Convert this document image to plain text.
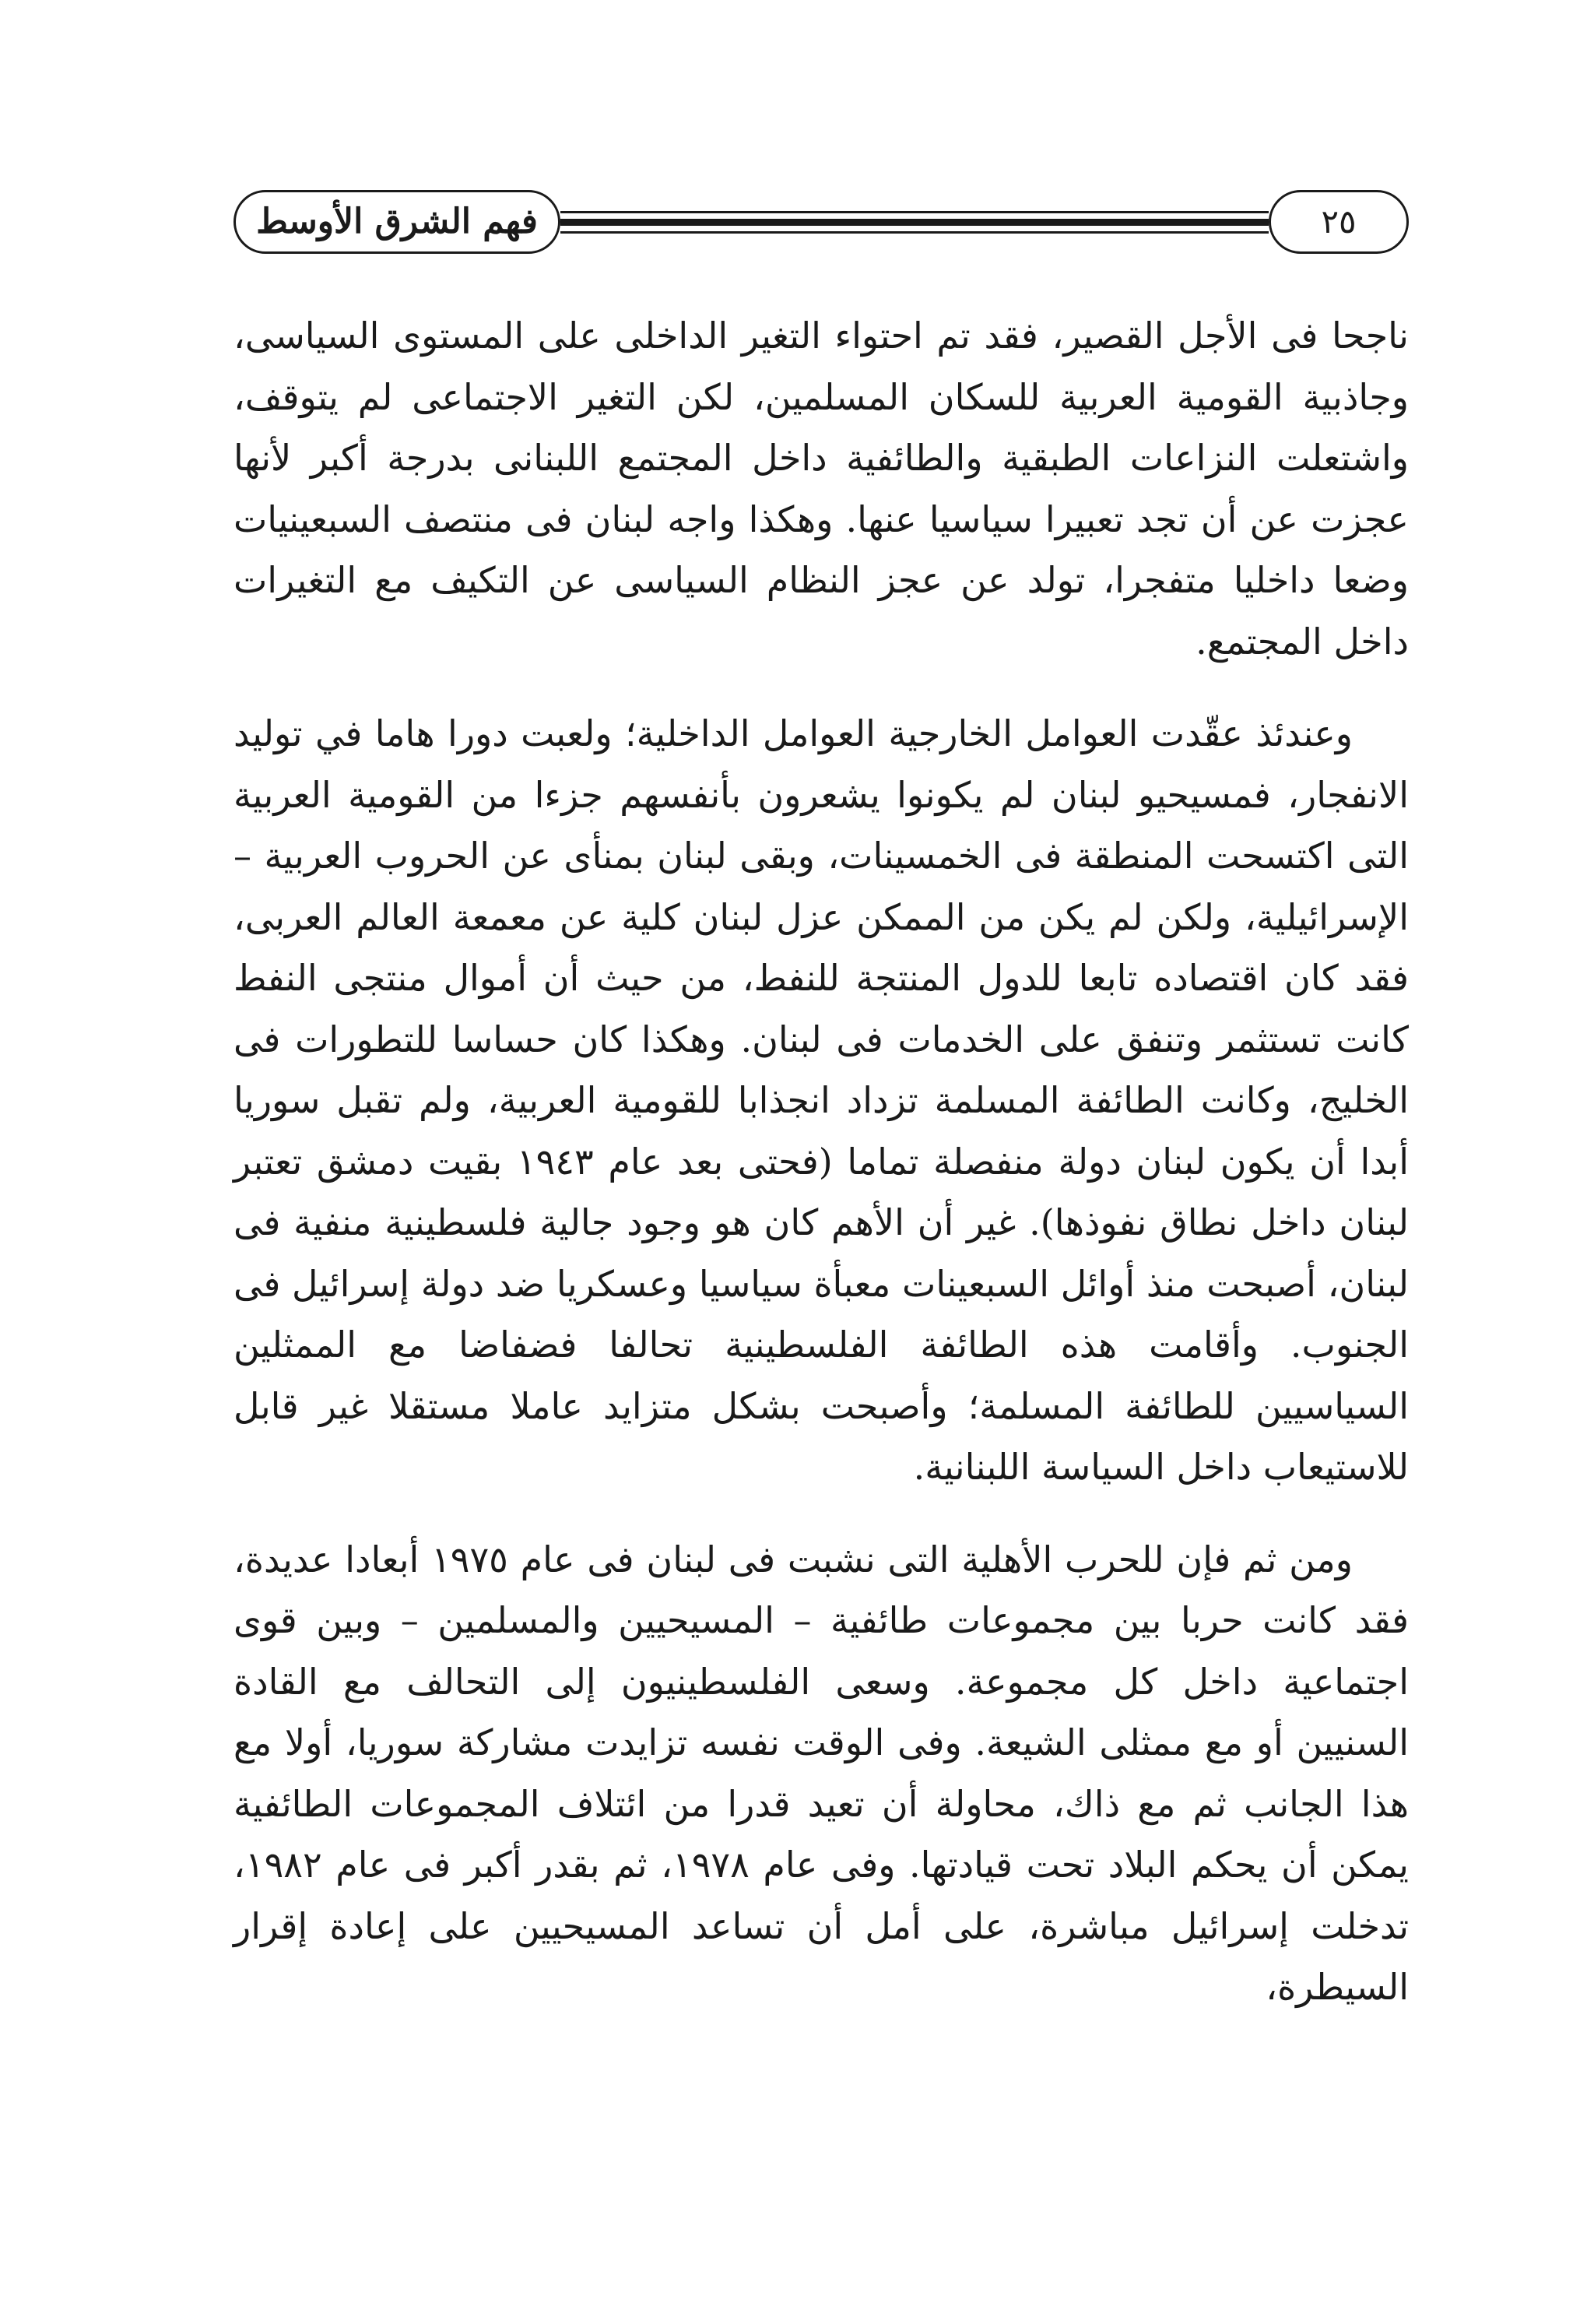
فهم الشرق الأوسط	٢٥

ناجحا فى الأجل القصير، فقد تم احتواء التغير الداخلى على المستوى السياسى، وجاذبية القومية العربية للسكان المسلمين، لكن التغير الاجتماعى لم يتوقف، واشتعلت النزاعات الطبقية والطائفية داخل المجتمع اللبنانى بدرجة أكبر لأنها عجزت عن أن تجد تعبيرا سياسيا عنها. وهكذا واجه لبنان فى منتصف السبعينيات وضعا داخليا متفجرا، تولد عن عجز النظام السياسى عن التكيف مع التغيرات داخل المجتمع.

وعندئذ عقّدت العوامل الخارجية العوامل الداخلية؛ ولعبت دورا هاما في توليد الانفجار، فمسيحيو لبنان لم يكونوا يشعرون بأنفسهم جزءا من القومية العربية التى اكتسحت المنطقة فى الخمسينات، وبقى لبنان بمنأى عن الحروب العربية – الإسرائيلية، ولكن لم يكن من الممكن عزل لبنان كلية عن معمعة العالم العربى، فقد كان اقتصاده تابعا للدول المنتجة للنفط، من حيث أن أموال منتجى النفط كانت تستثمر وتنفق على الخدمات فى لبنان. وهكذا كان حساسا للتطورات فى الخليج، وكانت الطائفة المسلمة تزداد انجذابا للقومية العربية، ولم تقبل سوريا أبدا أن يكون لبنان دولة منفصلة تماما (فحتى بعد عام ١٩٤٣ بقيت دمشق تعتبر لبنان داخل نطاق نفوذها). غير أن الأهم كان هو وجود جالية فلسطينية منفية فى لبنان، أصبحت منذ أوائل السبعينات معبأة سياسيا وعسكريا ضد دولة إسرائيل فى الجنوب. وأقامت هذه الطائفة الفلسطينية تحالفا فضفاضا مع الممثلين السياسيين للطائفة المسلمة؛ وأصبحت بشكل متزايد عاملا مستقلا غير قابل للاستيعاب داخل السياسة اللبنانية.

ومن ثم فإن للحرب الأهلية التى نشبت فى لبنان فى عام ١٩٧٥ أبعادا عديدة، فقد كانت حربا بين مجموعات طائفية – المسيحيين والمسلمين – وبين قوى اجتماعية داخل كل مجموعة. وسعى الفلسطينيون إلى التحالف مع القادة السنيين أو مع ممثلى الشيعة. وفى الوقت نفسه تزايدت مشاركة سوريا، أولا مع هذا الجانب ثم مع ذاك، محاولة أن تعيد قدرا من ائتلاف المجموعات الطائفية يمكن أن يحكم البلاد تحت قيادتها. وفى عام ١٩٧٨، ثم بقدر أكبر فى عام ١٩٨٢، تدخلت إسرائيل مباشرة، على أمل أن تساعد المسيحيين على إعادة إقرار السيطرة،
